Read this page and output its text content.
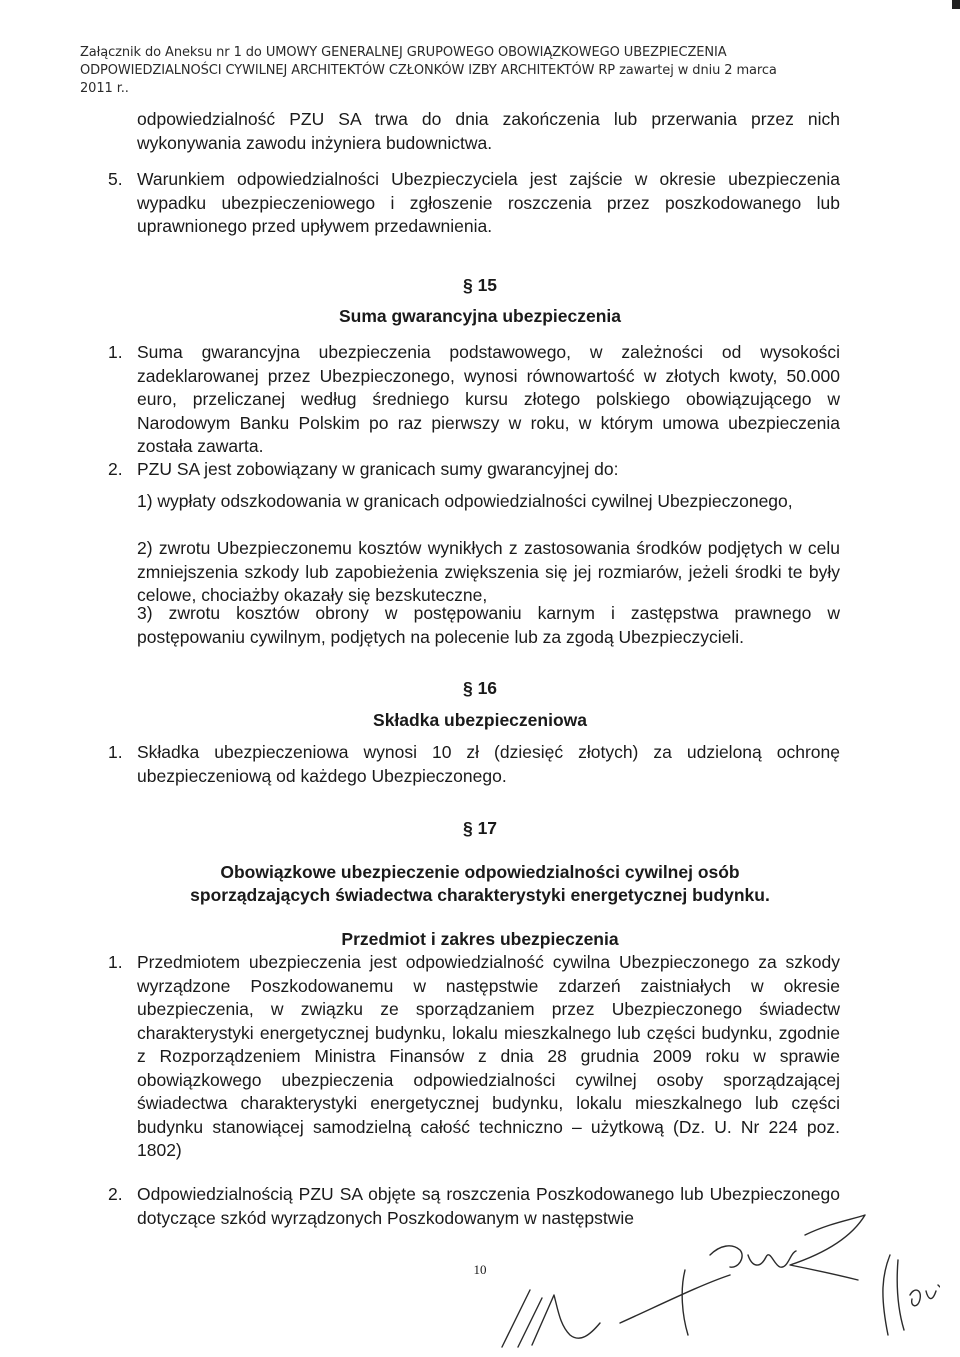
Załącznik do Aneksu nr 1 do UMOWY GENERALNEJ GRUPOWEGO OBOWIĄZKOWEGO UBEZPIECZENIA
ODPOWIEDZIALNOŚCI CYWILNEJ ARCHITEKTÓW CZŁONKÓW IZBY ARCHITEKTÓW RP zawartej w dniu 2 marca
2011 r..
odpowiedzialność PZU SA trwa do dnia zakończenia lub przerwania przez nich wykonywania zawodu inżyniera budownictwa.
5. Warunkiem odpowiedzialności Ubezpieczyciela jest zajście w okresie ubezpieczenia wypadku ubezpieczeniowego i zgłoszenie roszczenia przez poszkodowanego lub uprawnionego przed upływem przedawnienia.
§ 15
Suma gwarancyjna ubezpieczenia
1. Suma gwarancyjna ubezpieczenia podstawowego, w zależności od wysokości zadeklarowanej przez Ubezpieczonego, wynosi równowartość w złotych kwoty, 50.000 euro, przeliczanej według średniego kursu złotego polskiego obowiązującego w Narodowym Banku Polskim po raz pierwszy w roku, w którym umowa ubezpieczenia została zawarta.
2. PZU SA jest zobowiązany w granicach sumy gwarancyjnej do:
1) wypłaty odszkodowania w granicach odpowiedzialności cywilnej Ubezpieczonego,
2) zwrotu Ubezpieczonemu kosztów wynikłych z zastosowania środków podjętych w celu zmniejszenia szkody lub zapobieżenia zwiększenia się jej rozmiarów, jeżeli środki te były celowe, chociażby okazały się bezskuteczne,
3) zwrotu kosztów obrony w postępowaniu karnym i zastępstwa prawnego w postępowaniu cywilnym, podjętych na polecenie lub za zgodą Ubezpieczycieli.
§ 16
Składka ubezpieczeniowa
1. Składka ubezpieczeniowa wynosi 10 zł (dziesięć złotych) za udzieloną ochronę ubezpieczeniową od każdego Ubezpieczonego.
§ 17
Obowiązkowe ubezpieczenie odpowiedzialności cywilnej osób
sporządzających świadectwa charakterystyki energetycznej budynku.
Przedmiot i zakres ubezpieczenia
1. Przedmiotem ubezpieczenia jest odpowiedzialność cywilna Ubezpieczonego za szkody wyrządzone Poszkodowanemu w następstwie zdarzeń zaistniałych w okresie ubezpieczenia, w związku ze sporządzaniem przez Ubezpieczonego świadectw charakterystyki energetycznej budynku, lokalu mieszkalnego lub części budynku, zgodnie z Rozporządzeniem Ministra Finansów z dnia 28 grudnia 2009 roku w sprawie obowiązkowego ubezpieczenia odpowiedzialności cywilnej osoby sporządzającej świadectwa charakterystyki energetycznej budynku, lokalu mieszkalnego lub części budynku stanowiącej samodzielną całość techniczno – użytkową (Dz. U. Nr 224 poz. 1802)
2. Odpowiedzialnością PZU SA objęte są roszczenia Poszkodowanego lub Ubezpieczonego dotyczące szkód wyrządzonych Poszkodowanym w następstwie
10
